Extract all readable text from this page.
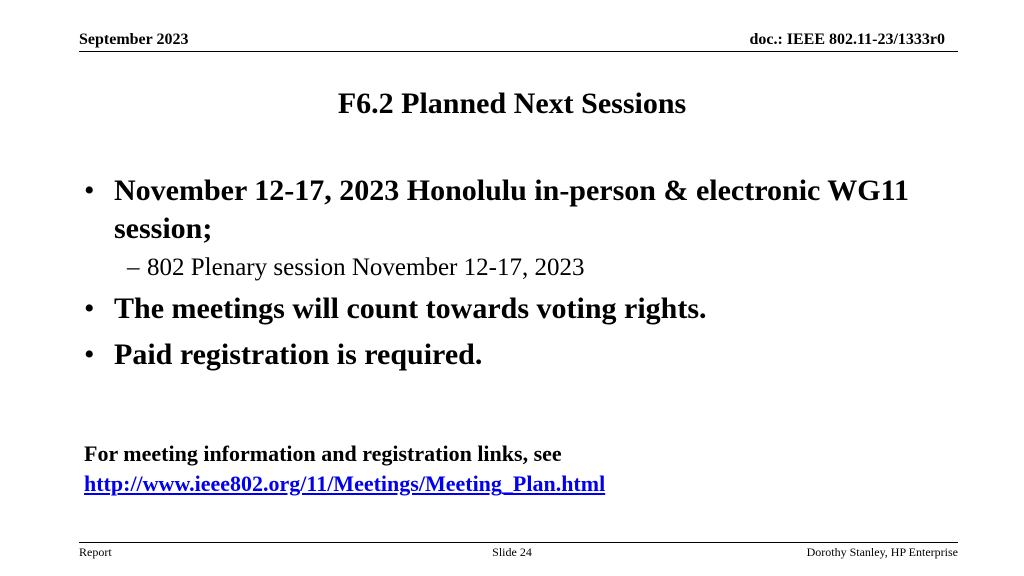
September 2023	doc.: IEEE 802.11-23/1333r0
F6.2 Planned Next Sessions
• November 12-17, 2023 Honolulu in-person & electronic WG11 session;
– 802 Plenary session November 12-17, 2023
• The meetings will count towards voting rights.
• Paid registration is required.
For meeting information and registration links, see
http://www.ieee802.org/11/Meetings/Meeting_Plan.html
Report	Slide 24	Dorothy Stanley, HP Enterprise
